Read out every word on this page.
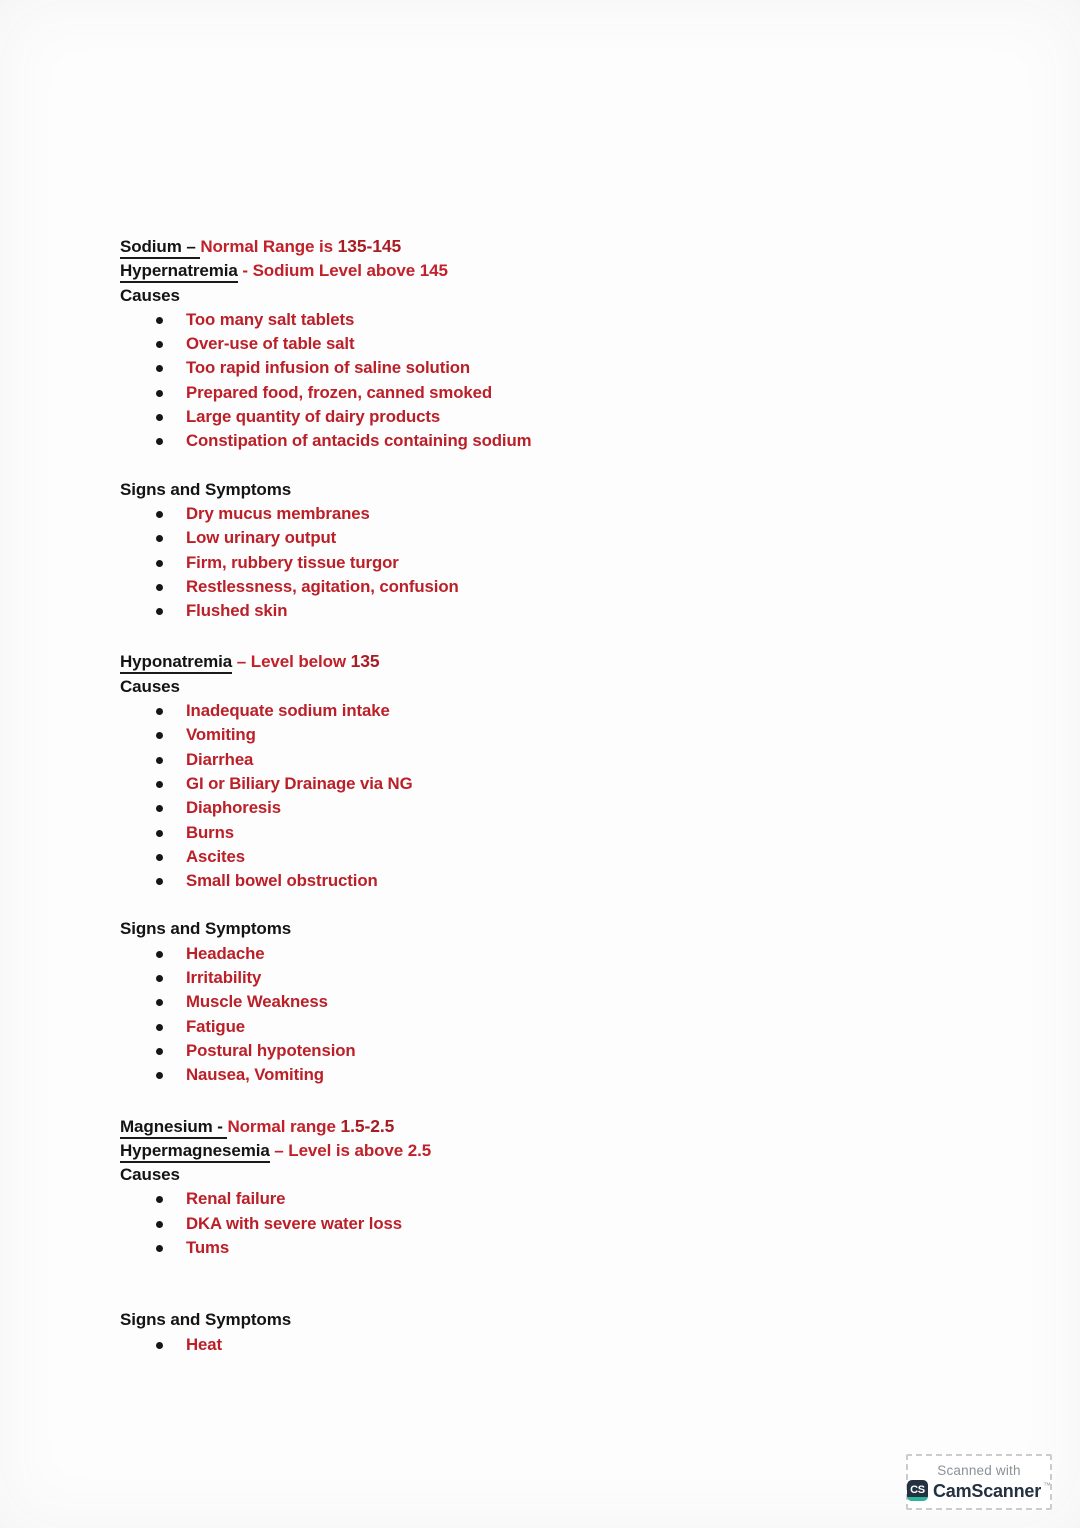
Sodium – Normal Range is 135-145
Hypernatremia - Sodium Level above 145
Causes
Too many salt tablets
Over-use of table salt
Too rapid infusion of saline solution
Prepared food, frozen, canned smoked
Large quantity of dairy products
Constipation of antacids containing sodium
Signs and Symptoms
Dry mucus membranes
Low urinary output
Firm, rubbery tissue turgor
Restlessness, agitation, confusion
Flushed skin
Hyponatremia – Level below 135
Causes
Inadequate sodium intake
Vomiting
Diarrhea
GI or Biliary Drainage via NG
Diaphoresis
Burns
Ascites
Small bowel obstruction
Signs and Symptoms
Headache
Irritability
Muscle Weakness
Fatigue
Postural hypotension
Nausea, Vomiting
Magnesium - Normal range 1.5-2.5
Hypermagnesemia – Level is above 2.5
Causes
Renal failure
DKA with severe water loss
Tums
Signs and Symptoms
Heat
Scanned with
CS CamScanner ™
